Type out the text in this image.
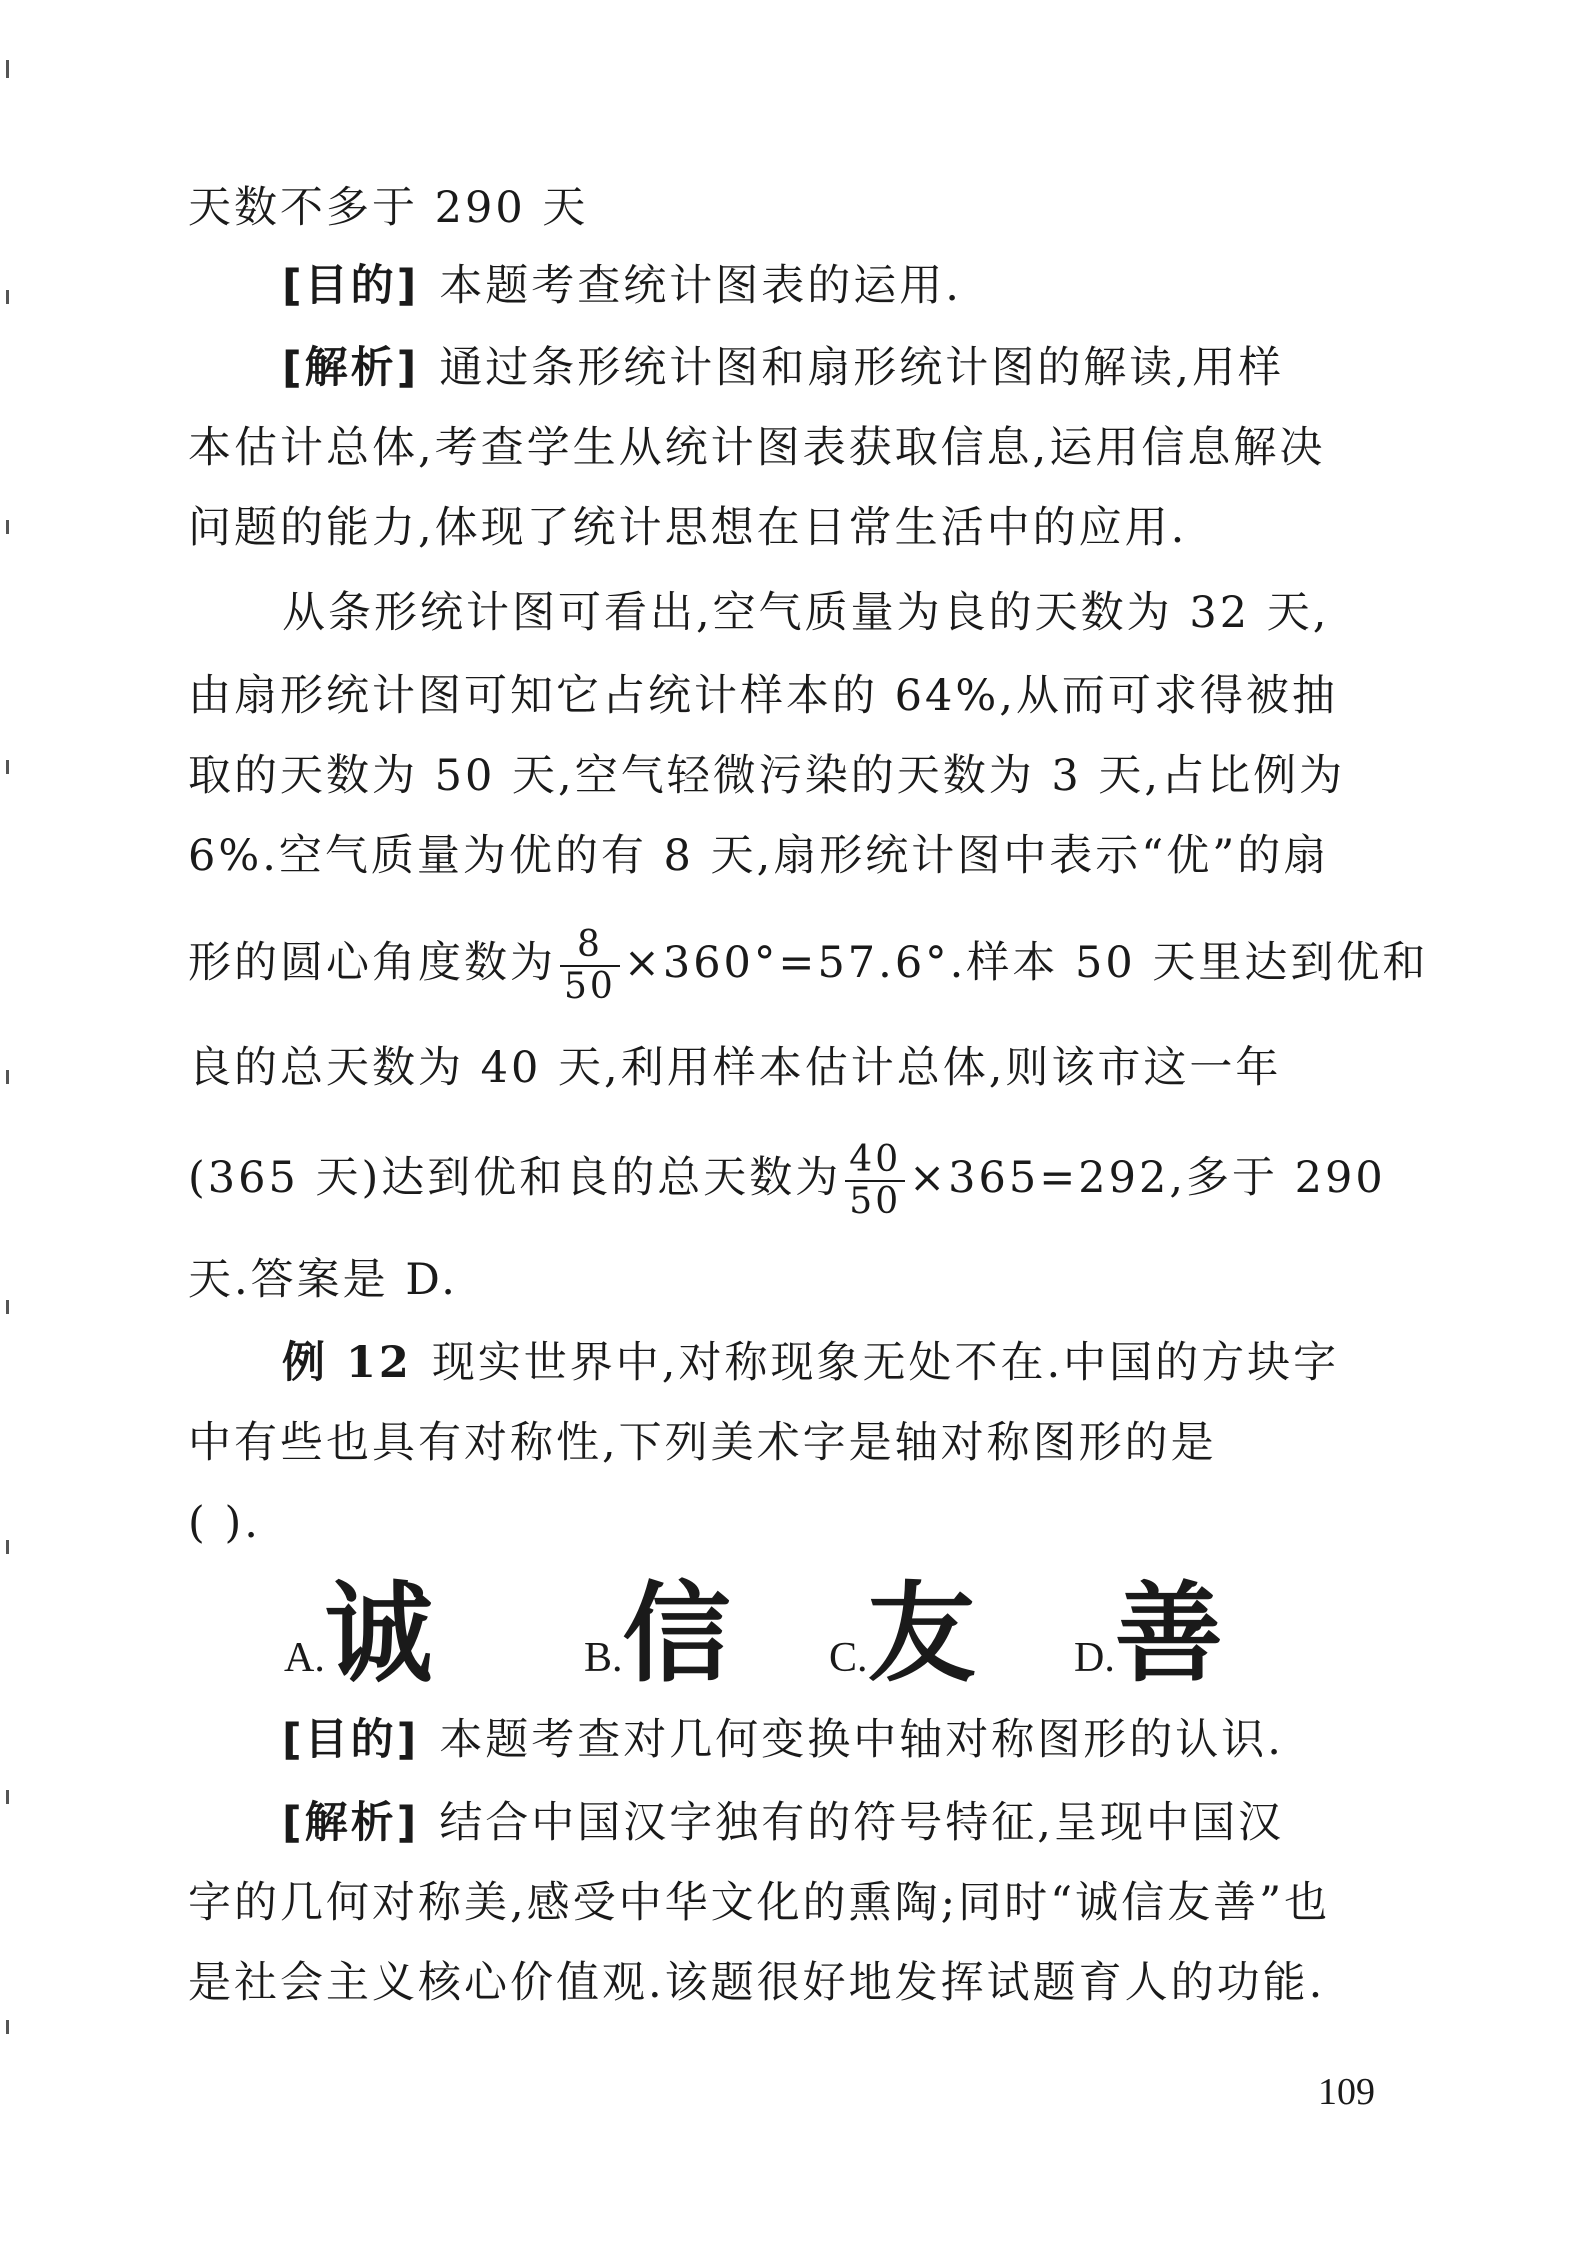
天数不多于 290 天
[目的] 本题考查统计图表的运用.
[解析] 通过条形统计图和扇形统计图的解读,用样
本估计总体,考查学生从统计图表获取信息,运用信息解决
问题的能力,体现了统计思想在日常生活中的应用.
从条形统计图可看出,空气质量为良的天数为 32 天,
由扇形统计图可知它占统计样本的 64%,从而可求得被抽
取的天数为 50 天,空气轻微污染的天数为 3 天,占比例为
6%.空气质量为优的有 8 天,扇形统计图中表示“优”的扇
形的圆心角度数为 $\frac{8}{50} \times 360^\circ=57.6^\circ$.样本 50 天里达到优和
良的总天数为 40 天,利用样本估计总体,则该市这一年
(365 天)达到优和良的总天数为 $\frac{40}{50} \times 365=292$,多于 290
天.答案是 D.
例 12 现实世界中,对称现象无处不在.中国的方块字
中有些也具有对称性,下列美术字是轴对称图形的是
( ).
A.诚	B.信 C.友 D.善
[目的] 本题考查对几何变换中轴对称图形的认识.
[解析] 结合中国汉字独有的符号特征,呈现中国汉
字的几何对称美,感受中华文化的熏陶;同时“诚信友善”也
是社会主义核心价值观.该题很好地发挥试题育人的功能.
109
